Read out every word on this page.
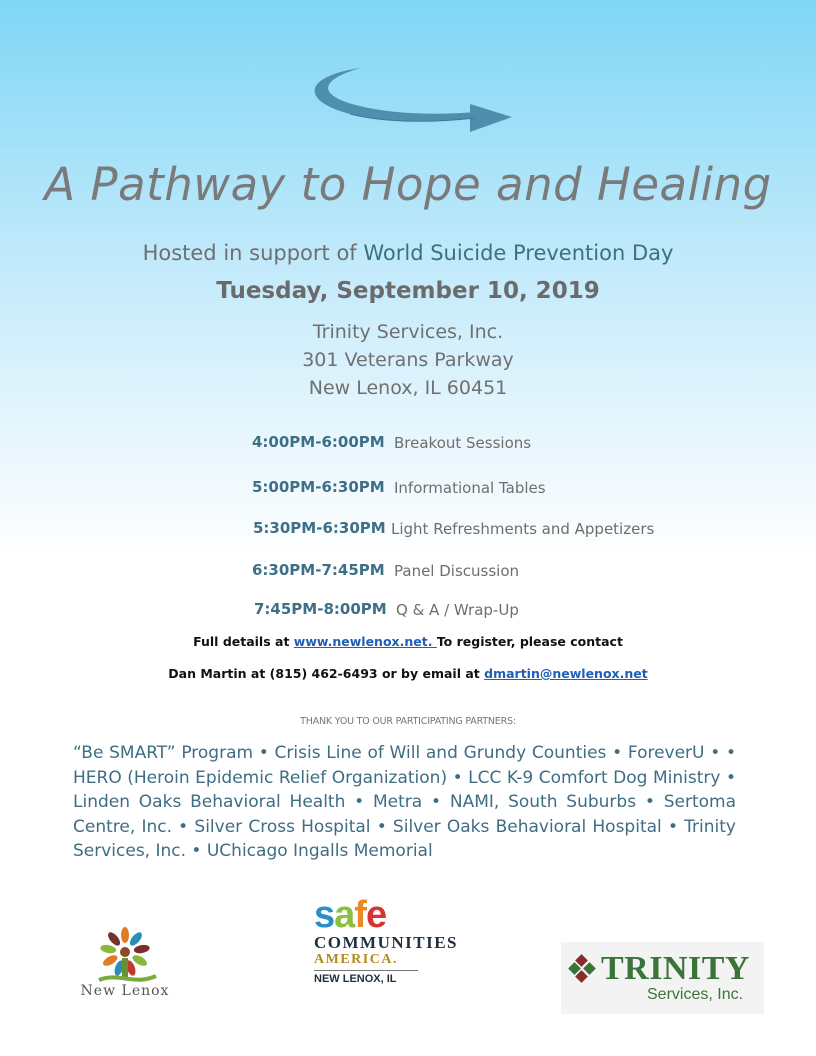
A Pathway to Hope and Healing
Hosted in support of World Suicide Prevention Day
Tuesday, September 10, 2019
Trinity Services, Inc.
301 Veterans Parkway
New Lenox, IL 60451
4:00PM-6:00PM Breakout Sessions
5:00PM-6:30PM Informational Tables
5:30PM-6:30PM Light Refreshments and Appetizers
6:30PM-7:45PM Panel Discussion
7:45PM-8:00PM Q & A / Wrap-Up
Full details at www.newlenox.net. To register, please contact
Dan Martin at (815) 462-6493 or by email at dmartin@newlenox.net
THANK YOU TO OUR PARTICIPATING PARTNERS:
“Be SMART” Program • Crisis Line of Will and Grundy Counties • ForeverU • • HERO (Heroin Epidemic Relief Organization) • LCC K-9 Comfort Dog Ministry • Linden Oaks Behavioral Health • Metra • NAMI, South Suburbs • Sertoma Centre, Inc. • Silver Cross Hospital • Silver Oaks Behavioral Hospital • Trinity Services, Inc. • UChicago Ingalls Memorial
New Lenox
safe
COMMUNITIES
AMERICA.
NEW LENOX, IL	TRINITY
Services, Inc.
